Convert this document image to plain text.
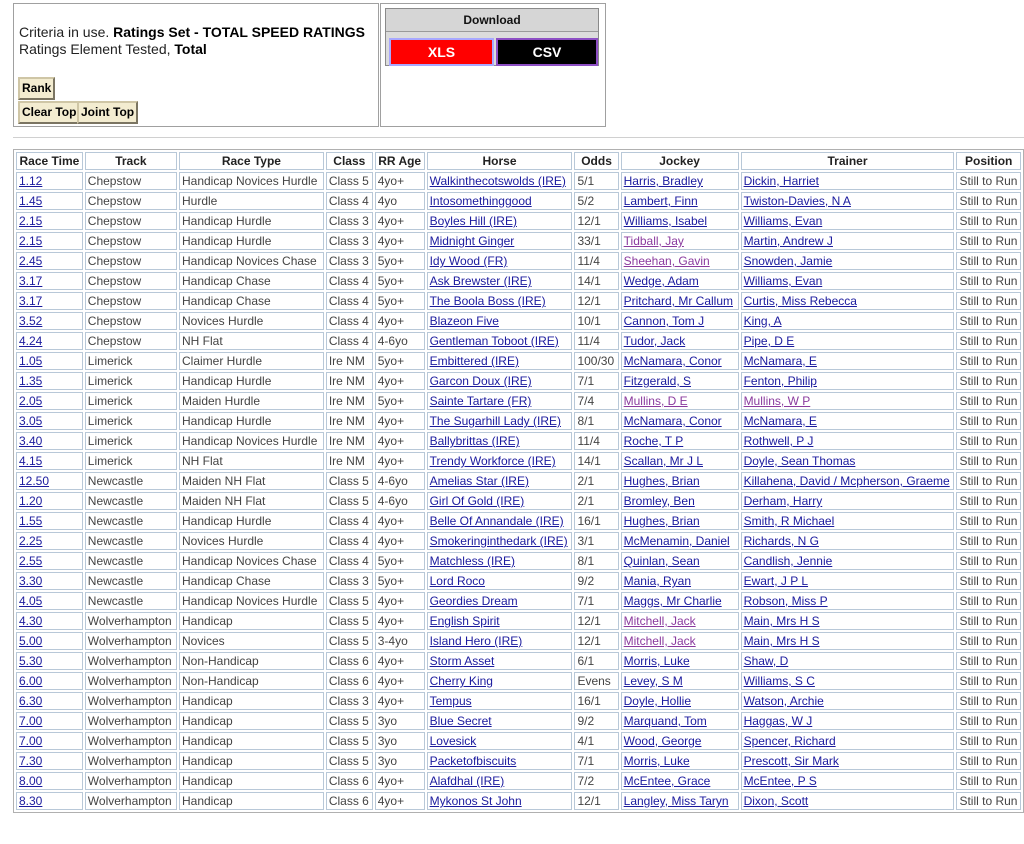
Criteria in use. Ratings Set - TOTAL SPEED RATINGS
Ratings Element Tested, Total
Rank
Clear Top Joint Top
Download
XLS	CSV
Race Time	Track	Race Type	Class	RR Age	Horse	Odds	Jockey	Trainer	Position
1.12	Chepstow	Handicap Novices Hurdle	Class 5	4yo+	Walkinthecotswolds (IRE)	5/1	Harris, Bradley	Dickin, Harriet	Still to Run
1.45	Chepstow	Hurdle	Class 4	4yo	Intosomethinggood	5/2	Lambert, Finn	Twiston-Davies, N A	Still to Run
2.15	Chepstow	Handicap Hurdle	Class 3	4yo+	Boyles Hill (IRE)	12/1	Williams, Isabel	Williams, Evan	Still to Run
2.15	Chepstow	Handicap Hurdle	Class 3	4yo+	Midnight Ginger	33/1	Tidball, Jay	Martin, Andrew J	Still to Run
2.45	Chepstow	Handicap Novices Chase	Class 3	5yo+	Idy Wood (FR)	11/4	Sheehan, Gavin	Snowden, Jamie	Still to Run
3.17	Chepstow	Handicap Chase	Class 4	5yo+	Ask Brewster (IRE)	14/1	Wedge, Adam	Williams, Evan	Still to Run
3.17	Chepstow	Handicap Chase	Class 4	5yo+	The Boola Boss (IRE)	12/1	Pritchard, Mr Callum	Curtis, Miss Rebecca	Still to Run
3.52	Chepstow	Novices Hurdle	Class 4	4yo+	Blazeon Five	10/1	Cannon, Tom J	King, A	Still to Run
4.24	Chepstow	NH Flat	Class 4	4-6yo	Gentleman Toboot (IRE)	11/4	Tudor, Jack	Pipe, D E	Still to Run
1.05	Limerick	Claimer Hurdle	Ire NM	5yo+	Embittered (IRE)	100/30	McNamara, Conor	McNamara, E	Still to Run
1.35	Limerick	Handicap Hurdle	Ire NM	4yo+	Garcon Doux (IRE)	7/1	Fitzgerald, S	Fenton, Philip	Still to Run
2.05	Limerick	Maiden Hurdle	Ire NM	5yo+	Sainte Tartare (FR)	7/4	Mullins, D E	Mullins, W P	Still to Run
3.05	Limerick	Handicap Hurdle	Ire NM	4yo+	The Sugarhill Lady (IRE)	8/1	McNamara, Conor	McNamara, E	Still to Run
3.40	Limerick	Handicap Novices Hurdle	Ire NM	4yo+	Ballybrittas (IRE)	11/4	Roche, T P	Rothwell, P J	Still to Run
4.15	Limerick	NH Flat	Ire NM	4yo+	Trendy Workforce (IRE)	14/1	Scallan, Mr J L	Doyle, Sean Thomas	Still to Run
12.50	Newcastle	Maiden NH Flat	Class 5	4-6yo	Amelias Star (IRE)	2/1	Hughes, Brian	Killahena, David / Mcpherson, Graeme	Still to Run
1.20	Newcastle	Maiden NH Flat	Class 5	4-6yo	Girl Of Gold (IRE)	2/1	Bromley, Ben	Derham, Harry	Still to Run
1.55	Newcastle	Handicap Hurdle	Class 4	4yo+	Belle Of Annandale (IRE)	16/1	Hughes, Brian	Smith, R Michael	Still to Run
2.25	Newcastle	Novices Hurdle	Class 4	4yo+	Smokeringinthedark (IRE)	3/1	McMenamin, Daniel	Richards, N G	Still to Run
2.55	Newcastle	Handicap Novices Chase	Class 4	5yo+	Matchless (IRE)	8/1	Quinlan, Sean	Candlish, Jennie	Still to Run
3.30	Newcastle	Handicap Chase	Class 3	5yo+	Lord Roco	9/2	Mania, Ryan	Ewart, J P L	Still to Run
4.05	Newcastle	Handicap Novices Hurdle	Class 5	4yo+	Geordies Dream	7/1	Maggs, Mr Charlie	Robson, Miss P	Still to Run
4.30	Wolverhampton	Handicap	Class 5	4yo+	English Spirit	12/1	Mitchell, Jack	Main, Mrs H S	Still to Run
5.00	Wolverhampton	Novices	Class 5	3-4yo	Island Hero (IRE)	12/1	Mitchell, Jack	Main, Mrs H S	Still to Run
5.30	Wolverhampton	Non-Handicap	Class 6	4yo+	Storm Asset	6/1	Morris, Luke	Shaw, D	Still to Run
6.00	Wolverhampton	Non-Handicap	Class 6	4yo+	Cherry King	Evens	Levey, S M	Williams, S C	Still to Run
6.30	Wolverhampton	Handicap	Class 3	4yo+	Tempus	16/1	Doyle, Hollie	Watson, Archie	Still to Run
7.00	Wolverhampton	Handicap	Class 5	3yo	Blue Secret	9/2	Marquand, Tom	Haggas, W J	Still to Run
7.00	Wolverhampton	Handicap	Class 5	3yo	Lovesick	4/1	Wood, George	Spencer, Richard	Still to Run
7.30	Wolverhampton	Handicap	Class 5	3yo	Packetofbiscuits	7/1	Morris, Luke	Prescott, Sir Mark	Still to Run
8.00	Wolverhampton	Handicap	Class 6	4yo+	Alafdhal (IRE)	7/2	McEntee, Grace	McEntee, P S	Still to Run
8.30	Wolverhampton	Handicap	Class 6	4yo+	Mykonos St John	12/1	Langley, Miss Taryn	Dixon, Scott	Still to Run
